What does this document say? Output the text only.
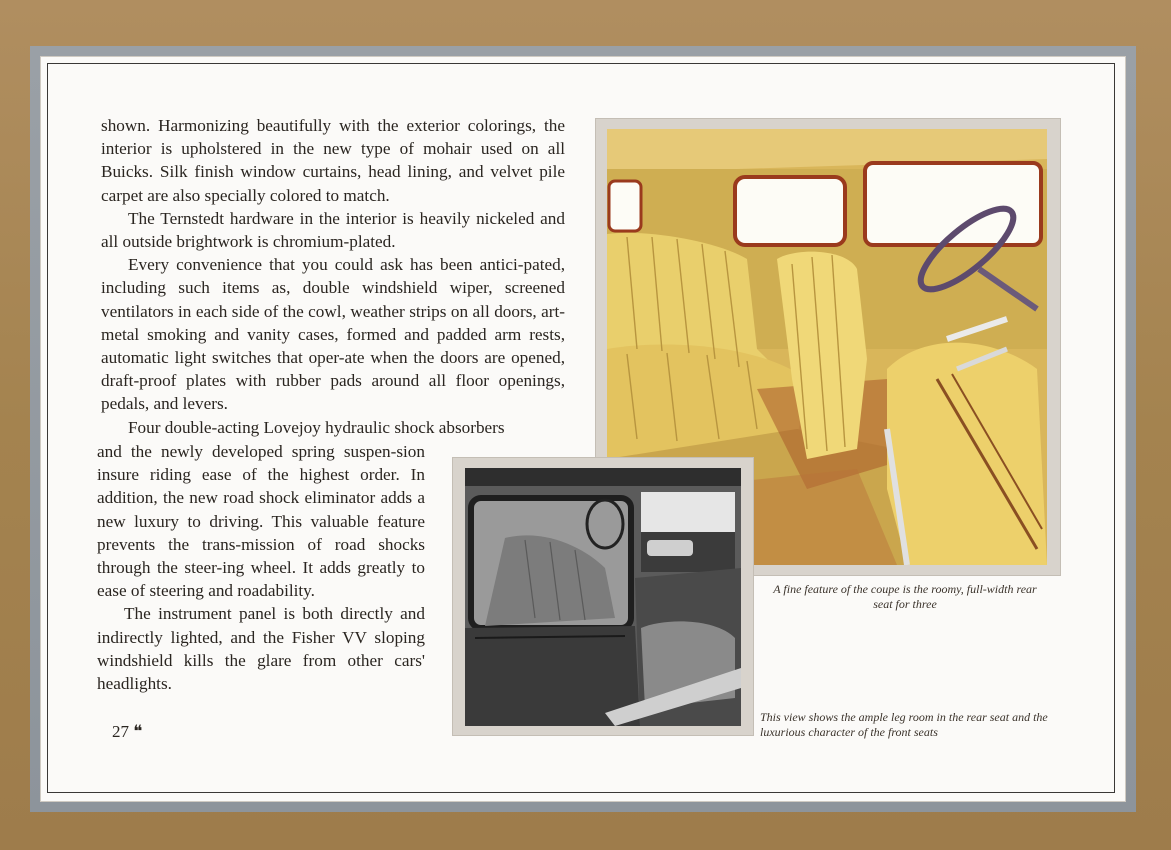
shown. Harmonizing beautifully with the exterior colorings, the interior is upholstered in the new type of mohair used on all Buicks. Silk finish window curtains, head lining, and velvet pile carpet are also specially colored to match.

The Ternstedt hardware in the interior is heavily nickeled and all outside brightwork is chromium-plated.

Every convenience that you could ask has been antici-pated, including such items as, double windshield wiper, screened ventilators in each side of the cowl, weather strips on all doors, art-metal smoking and vanity cases, formed and padded arm rests, automatic light switches that oper-ate when the doors are opened, draft-proof plates with rubber pads around all floor openings, pedals, and levers.

Four double-acting Lovejoy hydraulic shock absorbers

and the newly developed spring suspen-sion insure riding ease of the highest order. In addition, the new road shock eliminator adds a new luxury to driving. This valuable feature prevents the trans-mission of road shocks through the steer-ing wheel. It adds greatly to ease of steering and roadability.

The instrument panel is both directly and indirectly lighted, and the Fisher VV sloping windshield kills the glare from other cars' headlights.

27 ❝
A fine feature of the coupe is the roomy, full-width rear seat for three
This view shows the ample leg room in the rear seat and the luxurious character of the front seats
